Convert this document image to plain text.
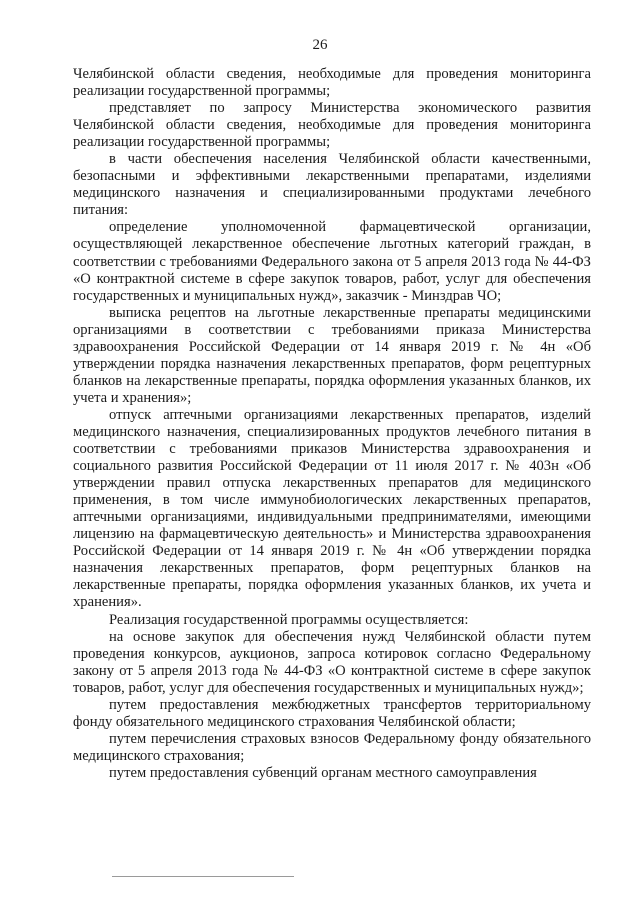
26

Челябинской области сведения, необходимые для проведения мониторинга реализации государственной программы;

представляет по запросу Министерства экономического развития Челябинской области сведения, необходимые для проведения мониторинга реализации государственной программы;

в части обеспечения населения Челябинской области качественными, безопасными и эффективными лекарственными препаратами, изделиями медицинского назначения и специализированными продуктами лечебного питания:

определение уполномоченной фармацевтической организации, осуществляющей лекарственное обеспечение льготных категорий граждан, в соответствии с требованиями Федерального закона от 5 апреля 2013 года № 44-ФЗ «О контрактной системе в сфере закупок товаров, работ, услуг для обеспечения государственных и муниципальных нужд», заказчик - Минздрав ЧО;

выписка рецептов на льготные лекарственные препараты медицинскими организациями в соответствии с требованиями приказа Министерства здравоохранения Российской Федерации от 14 января 2019 г. № 4н «Об утверждении порядка назначения лекарственных препаратов, форм рецептурных бланков на лекарственные препараты, порядка оформления указанных бланков, их учета и хранения»;

отпуск аптечными организациями лекарственных препаратов, изделий медицинского назначения, специализированных продуктов лечебного питания в соответствии с требованиями приказов Министерства здравоохранения и социального развития Российской Федерации от 11 июля 2017 г. № 403н «Об утверждении правил отпуска лекарственных препаратов для медицинского применения, в том числе иммунобиологических лекарственных препаратов, аптечными организациями, индивидуальными предпринимателями, имеющими лицензию на фармацевтическую деятельность» и Министерства здравоохранения Российской Федерации от 14 января 2019 г. № 4н «Об утверждении порядка назначения лекарственных препаратов, форм рецептурных бланков на лекарственные препараты, порядка оформления указанных бланков, их учета и хранения».

Реализация государственной программы осуществляется:

на основе закупок для обеспечения нужд Челябинской области путем проведения конкурсов, аукционов, запроса котировок согласно Федеральному закону от 5 апреля 2013 года № 44-ФЗ «О контрактной системе в сфере закупок товаров, работ, услуг для обеспечения государственных и муниципальных нужд»;

путем предоставления межбюджетных трансфертов территориальному фонду обязательного медицинского страхования Челябинской области;

путем перечисления страховых взносов Федеральному фонду обязательного медицинского страхования;

путем предоставления субвенций органам местного самоуправления
